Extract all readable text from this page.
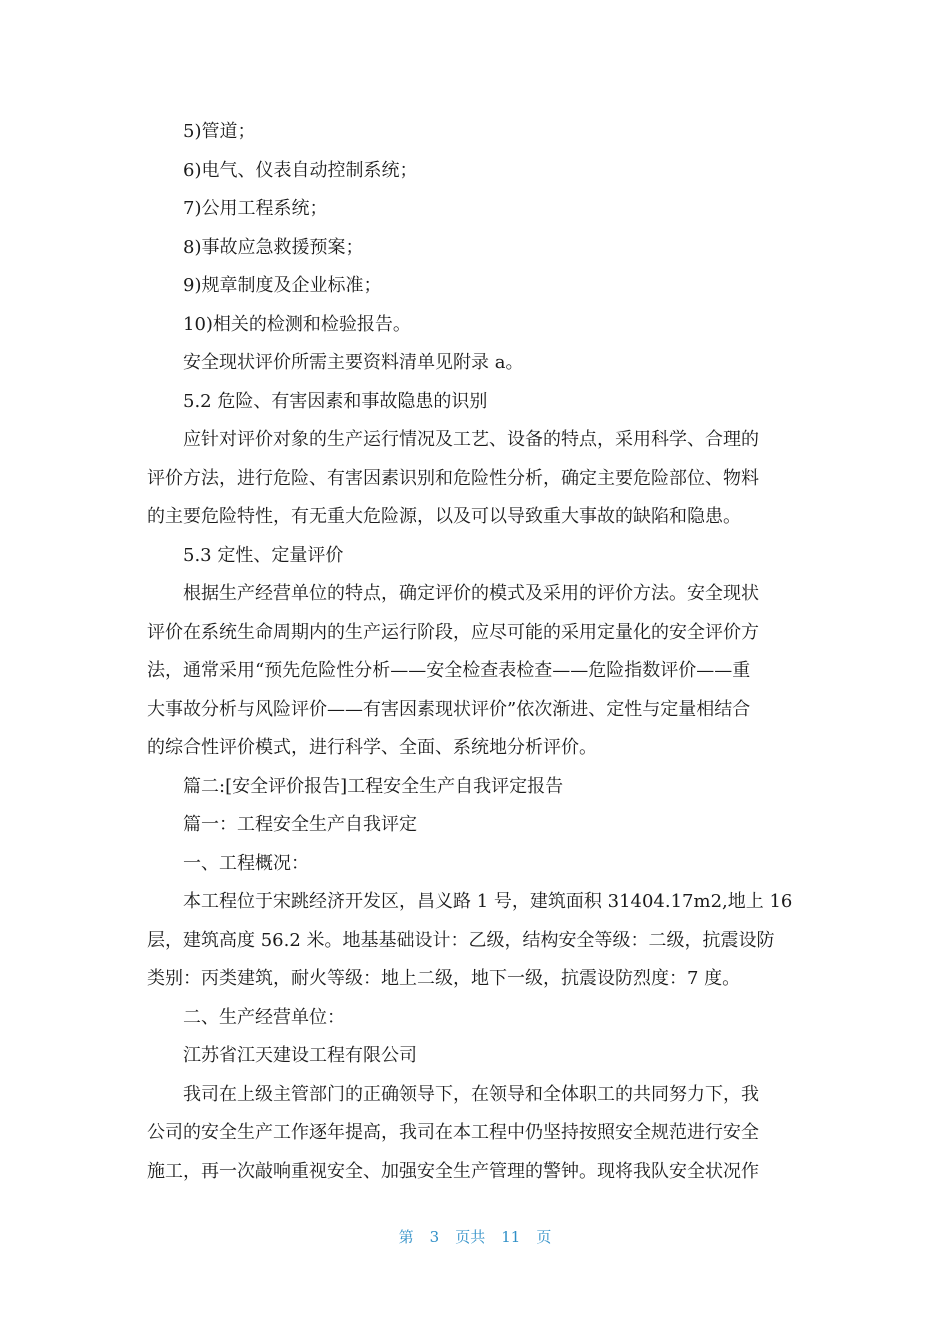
5)管道；

6)电气、仪表自动控制系统；

7)公用工程系统；

8)事故应急救援预案；

9)规章制度及企业标准；

10)相关的检测和检验报告。

安全现状评价所需主要资料清单见附录 a。

5.2 危险、有害因素和事故隐患的识别

应针对评价对象的生产运行情况及工艺、设备的特点，采用科学、合理的

评价方法，进行危险、有害因素识别和危险性分析，确定主要危险部位、物料

的主要危险特性，有无重大危险源，以及可以导致重大事故的缺陷和隐患。

5.3 定性、定量评价

根据生产经营单位的特点，确定评价的模式及采用的评价方法。安全现状

评价在系统生命周期内的生产运行阶段，应尽可能的采用定量化的安全评价方

法，通常采用“预先危险性分析——安全检查表检查——危险指数评价——重

大事故分析与风险评价——有害因素现状评价”依次渐进、定性与定量相结合

的综合性评价模式，进行科学、全面、系统地分析评价。

篇二:[安全评价报告]工程安全生产自我评定报告

篇一：工程安全生产自我评定

一、工程概况：

本工程位于宋跳经济开发区，昌义路 1 号，建筑面积 31404.17m2,地上 16

层，建筑高度 56.2 米。地基基础设计：乙级，结构安全等级：二级，抗震设防

类别：丙类建筑，耐火等级：地上二级，地下一级，抗震设防烈度：7 度。

二、生产经营单位：

江苏省江天建设工程有限公司

我司在上级主管部门的正确领导下，在领导和全体职工的共同努力下，我

公司的安全生产工作逐年提高，我司在本工程中仍坚持按照安全规范进行安全

施工，再一次敲响重视安全、加强安全生产管理的警钟。现将我队安全状况作

第 3 页共 11 页
